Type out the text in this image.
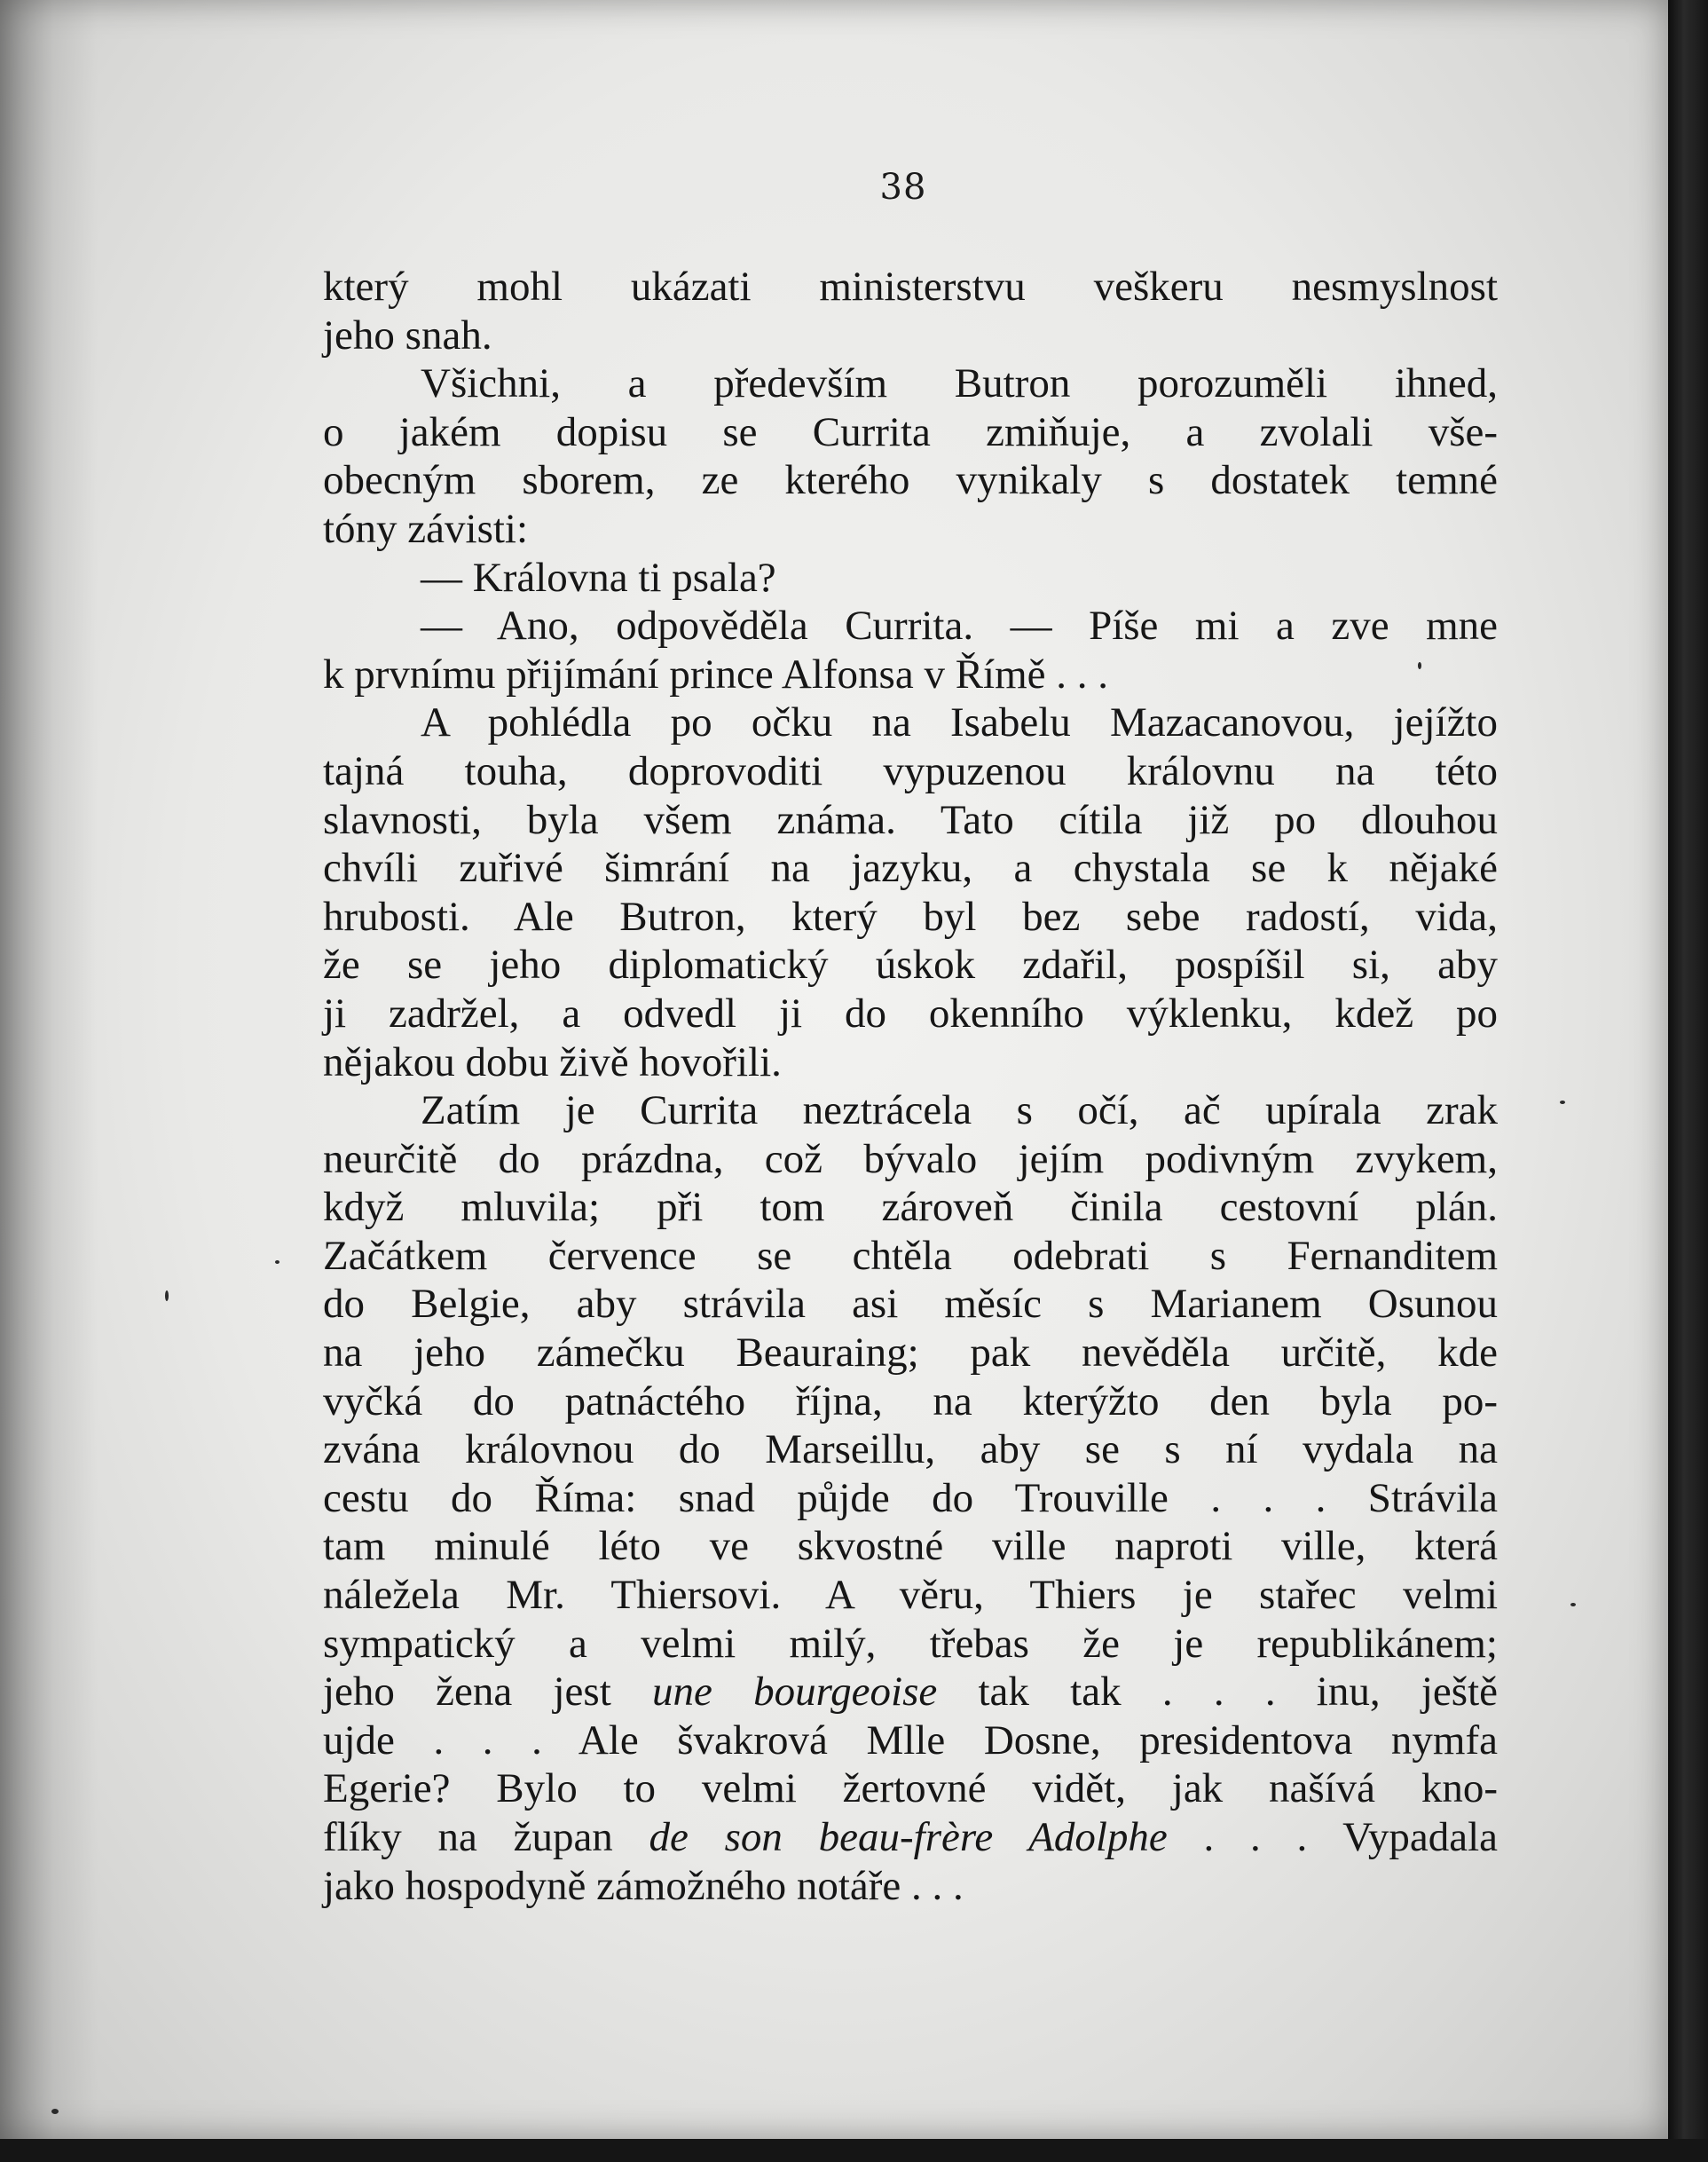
38
který mohl ukázati ministerstvu veškeru nesmyslnost
jeho snah.
Všichni, a především Butron porozuměli ihned,
o jakém dopisu se Currita zmiňuje, a zvolali vše-
obecným sborem, ze kterého vynikaly s dostatek temné
tóny závisti:
— Královna ti psala?
— Ano, odpověděla Currita. — Píše mi a zve mne
k prvnímu přijímání prince Alfonsa v Římě . . .
A pohlédla po očku na Isabelu Mazacanovou, jejížto
tajná touha, doprovoditi vypuzenou královnu na této
slavnosti, byla všem známa. Tato cítila již po dlouhou
chvíli zuřivé šimrání na jazyku, a chystala se k nějaké
hrubosti. Ale Butron, který byl bez sebe radostí, vida,
že se jeho diplomatický úskok zdařil, pospíšil si, aby
ji zadržel, a odvedl ji do okenního výklenku, kdež po
nějakou dobu živě hovořili.
Zatím je Currita neztrácela s očí, ač upírala zrak
neurčitě do prázdna, což bývalo jejím podivným zvykem,
když mluvila; při tom zároveň činila cestovní plán.
Začátkem července se chtěla odebrati s Fernanditem
do Belgie, aby strávila asi měsíc s Marianem Osunou
na jeho zámečku Beauraing; pak nevěděla určitě, kde
vyčká do patnáctého října, na kterýžto den byla po-
zvána královnou do Marseillu, aby se s ní vydala na
cestu do Říma: snad půjde do Trouville . . . Strávila
tam minulé léto ve skvostné ville naproti ville, která
náležela Mr. Thiersovi. A věru, Thiers je stařec velmi
sympatický a velmi milý, třebas že je republikánem;
jeho žena jest une bourgeoise tak tak . . . inu, ještě
ujde . . . Ale švakrová Mlle Dosne, presidentova nymfa
Egerie? Bylo to velmi žertovné vidět, jak našívá kno-
flíky na župan de son beau-frère Adolphe . . . Vypadala
jako hospodyně zámožného notáře . . .
